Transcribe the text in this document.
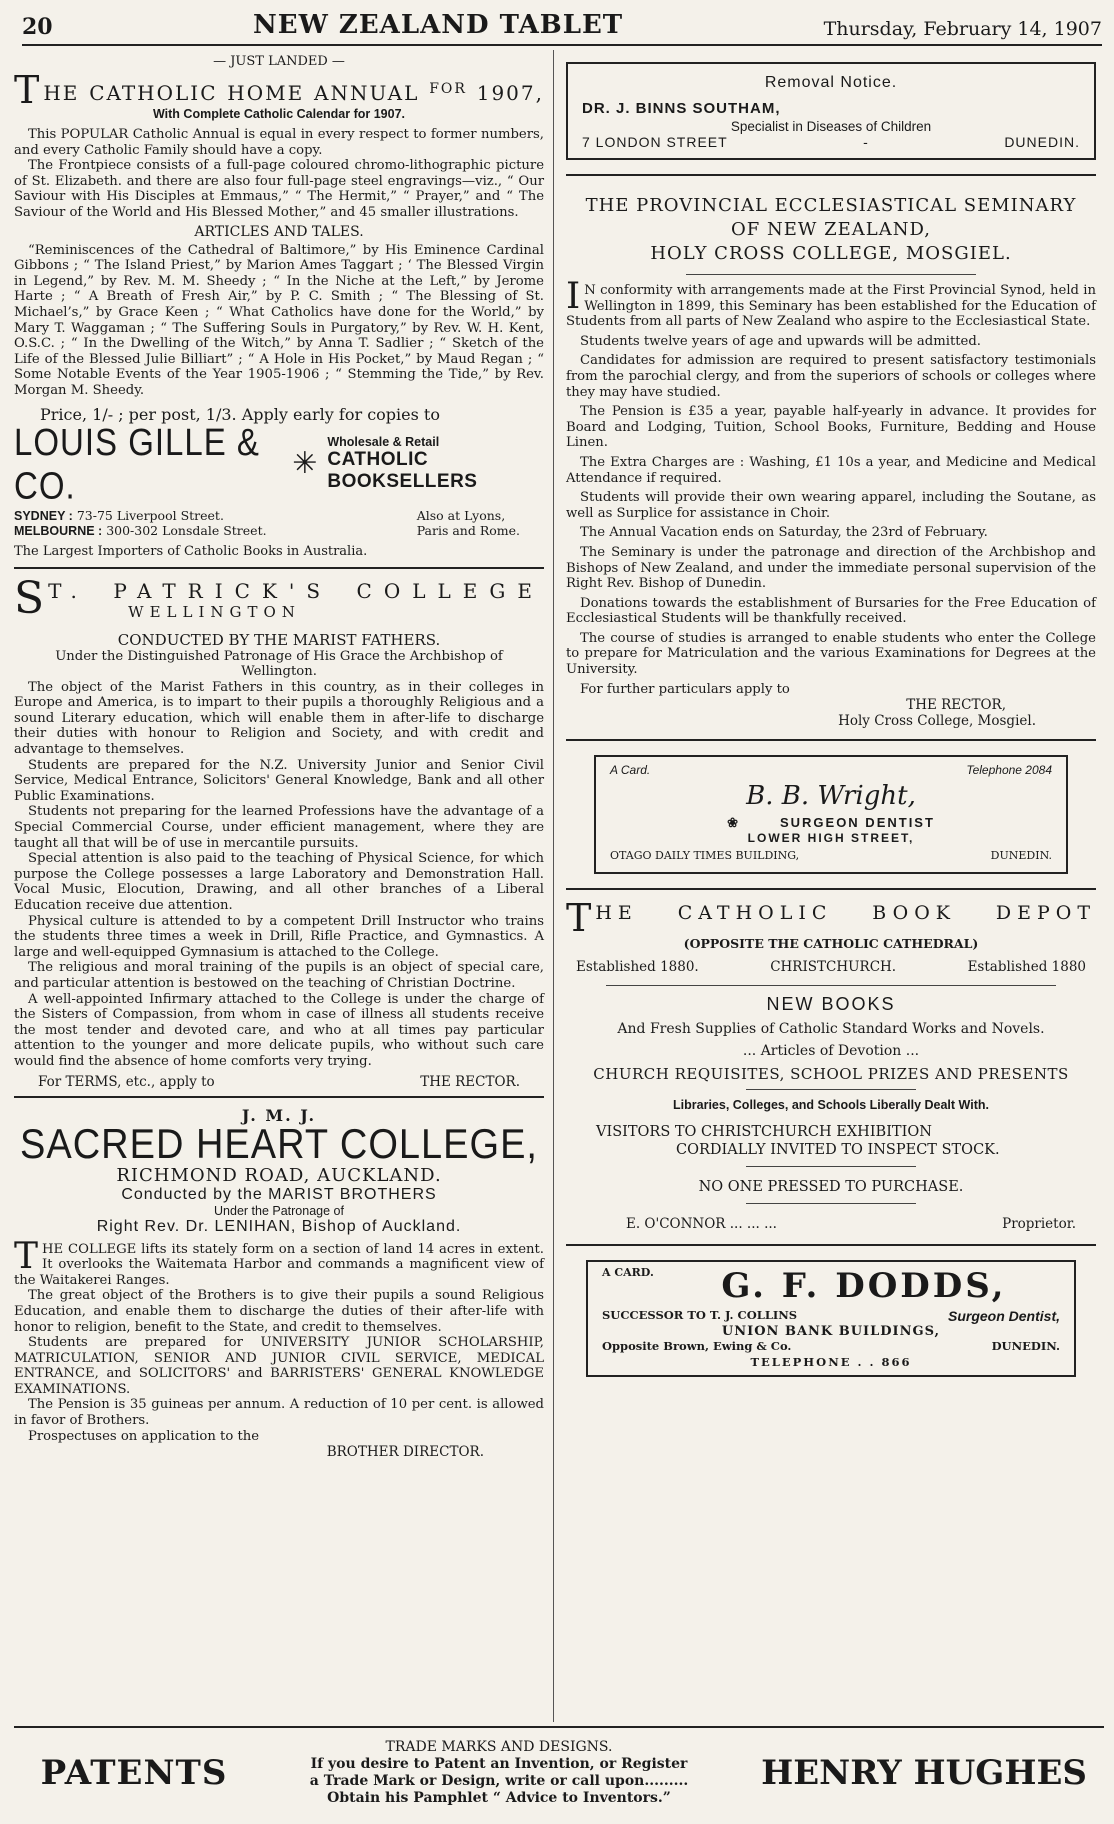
20	NEW ZEALAND TABLET	Thursday, February 14, 1907
— JUST LANDED —
T HE CATHOLIC HOME ANNUAL FOR 1907,
With Complete Catholic Calendar for 1907.

This POPULAR Catholic Annual is equal in every respect to former numbers, and every Catholic Family should have a copy.

The Frontpiece consists of a full-page coloured chromo-lithographic picture of St. Elizabeth. and there are also four full-page steel engravings—viz., “ Our Saviour with His Disciples at Emmaus,” “ The Hermit,” “ Prayer,” and “ The Saviour of the World and His Blessed Mother,” and 45 smaller illustrations.

ARTICLES AND TALES.

“Reminiscences of the Cathedral of Baltimore,” by His Eminence Cardinal Gibbons ; “ The Island Priest,” by Marion Ames Taggart ; ‘ The Blessed Virgin in Legend,” by Rev. M. M. Sheedy ; “ In the Niche at the Left,” by Jerome Harte ; “ A Breath of Fresh Air,” by P. C. Smith ; “ The Blessing of St. Michael’s,” by Grace Keen ; “ What Catholics have done for the World,” by Mary T. Waggaman ; “ The Suffering Souls in Purgatory,” by Rev. W. H. Kent, O.S.C. ; “ In the Dwelling of the Witch,” by Anna T. Sadlier ; “ Sketch of the Life of the Blessed Julie Billiart” ; “ A Hole in His Pocket,” by Maud Regan ; “ Some Notable Events of the Year 1905-1906 ; “ Stemming the Tide,” by Rev. Morgan M. Sheedy.

Price, 1/- ; per post, 1/3. Apply early for copies to
LOUIS GILLE & CO.	✳
Wholesale & Retail
CATHOLIC BOOKSELLERS
SYDNEY : 73-75 Liverpool Street.
MELBOURNE : 300-302 Lonsdale Street.
Also at Lyons,
Paris and Rome.
The Largest Importers of Catholic Books in Australia.
S T. PATRICK'S COLLEGE
WELLINGTON
CONDUCTED BY THE MARIST FATHERS.

Under the Distinguished Patronage of His Grace the Archbishop of Wellington.

The object of the Marist Fathers in this country, as in their colleges in Europe and America, is to impart to their pupils a thoroughly Religious and a sound Literary education, which will enable them in after-life to discharge their duties with honour to Religion and Society, and with credit and advantage to themselves.

Students are prepared for the N.Z. University Junior and Senior Civil Service, Medical Entrance, Solicitors' General Knowledge, Bank and all other Public Examinations.

Students not preparing for the learned Professions have the advantage of a Special Commercial Course, under efficient management, where they are taught all that will be of use in mercantile pursuits.

Special attention is also paid to the teaching of Physical Science, for which purpose the College possesses a large Laboratory and Demonstration Hall. Vocal Music, Elocution, Drawing, and all other branches of a Liberal Education receive due attention.

Physical culture is attended to by a competent Drill Instructor who trains the students three times a week in Drill, Rifle Practice, and Gymnastics. A large and well-equipped Gymnasium is attached to the College.

The religious and moral training of the pupils is an object of special care, and particular attention is bestowed on the teaching of Christian Doctrine.

A well-appointed Infirmary attached to the College is under the charge of the Sisters of Compassion, from whom in case of illness all students receive the most tender and devoted care, and who at all times pay particular attention to the younger and more delicate pupils, who without such care would find the absence of home comforts very trying.

For TERMS, etc., apply to	THE RECTOR.
J. M. J.
SACRED HEART COLLEGE,
RICHMOND ROAD, AUCKLAND.
Conducted by the MARIST BROTHERS
Under the Patronage of
Right Rev. Dr. LENIHAN, Bishop of Auckland.

THE COLLEGE lifts its stately form on a section of land 14 acres in extent. It overlooks the Waitemata Harbor and commands a magnificent view of the Waitakerei Ranges.

The great object of the Brothers is to give their pupils a sound Religious Education, and enable them to discharge the duties of their after-life with honor to religion, benefit to the State, and credit to themselves.

Students are prepared for UNIVERSITY JUNIOR SCHOLARSHIP, MATRICULATION, SENIOR AND JUNIOR CIVIL SERVICE, MEDICAL ENTRANCE, and SOLICITORS' and BARRISTERS' GENERAL KNOWLEDGE EXAMINATIONS.

The Pension is 35 guineas per annum. A reduction of 10 per cent. is allowed in favor of Brothers.

Prospectuses on application to the

BROTHER DIRECTOR.
Removal Notice.
DR. J. BINNS SOUTHAM,
Specialist in Diseases of Children
7 LONDON STREET	-	DUNEDIN.
THE PROVINCIAL ECCLESIASTICAL SEMINARY
OF NEW ZEALAND,
HOLY CROSS COLLEGE, MOSGIEL.

I N conformity with arrangements made at the First Provincial Synod, held in Wellington in 1899, this Seminary has been established for the Education of Students from all parts of New Zealand who aspire to the Ecclesiastical State.

Students twelve years of age and upwards will be admitted.

Candidates for admission are required to present satisfactory testimonials from the parochial clergy, and from the superiors of schools or colleges where they may have studied.

The Pension is £35 a year, payable half-yearly in advance. It provides for Board and Lodging, Tuition, School Books, Furniture, Bedding and House Linen.

The Extra Charges are : Washing, £1 10s a year, and Medicine and Medical Attendance if required.

Students will provide their own wearing apparel, including the Soutane, as well as Surplice for assistance in Choir.

The Annual Vacation ends on Saturday, the 23rd of February.

The Seminary is under the patronage and direction of the Archbishop and Bishops of New Zealand, and under the immediate personal supervision of the Right Rev. Bishop of Dunedin.

Donations towards the establishment of Bursaries for the Free Education of Ecclesiastical Students will be thankfully received.

The course of studies is arranged to enable students who enter the College to prepare for Matriculation and the various Examinations for Degrees at the University.

For further particulars apply to

THE RECTOR,
Holy Cross College, Mosgiel.
A Card.	Telephone 2084
B. B. Wright,
❀	SURGEON DENTIST
LOWER HIGH STREET,
OTAGO DAILY TIMES BUILDING,	DUNEDIN.
T HE CATHOLIC BOOK DEPOT
(OPPOSITE THE CATHOLIC CATHEDRAL)
Established 1880.	CHRISTCHURCH.	Established 1880
NEW BOOKS
And Fresh Supplies of Catholic Standard Works and Novels.
... Articles of Devotion ...
CHURCH REQUISITES, SCHOOL PRIZES AND PRESENTS
Libraries, Colleges, and Schools Liberally Dealt With.
VISITORS TO CHRISTCHURCH EXHIBITION
CORDIALLY INVITED TO INSPECT STOCK.
NO ONE PRESSED TO PURCHASE.
E. O'CONNOR ... ... ...	Proprietor.
A CARD.	G. F. DODDS,
SUCCESSOR TO T. J. COLLINS	Surgeon Dentist,
UNION BANK BUILDINGS,
Opposite Brown, Ewing & Co.	DUNEDIN.
TELEPHONE . . 866
PATENTS
TRADE MARKS AND DESIGNS.
If you desire to Patent an Invention, or Register
a Trade Mark or Design, write or call upon.........
Obtain his Pamphlet “ Advice to Inventors.”
HENRY HUGHES
